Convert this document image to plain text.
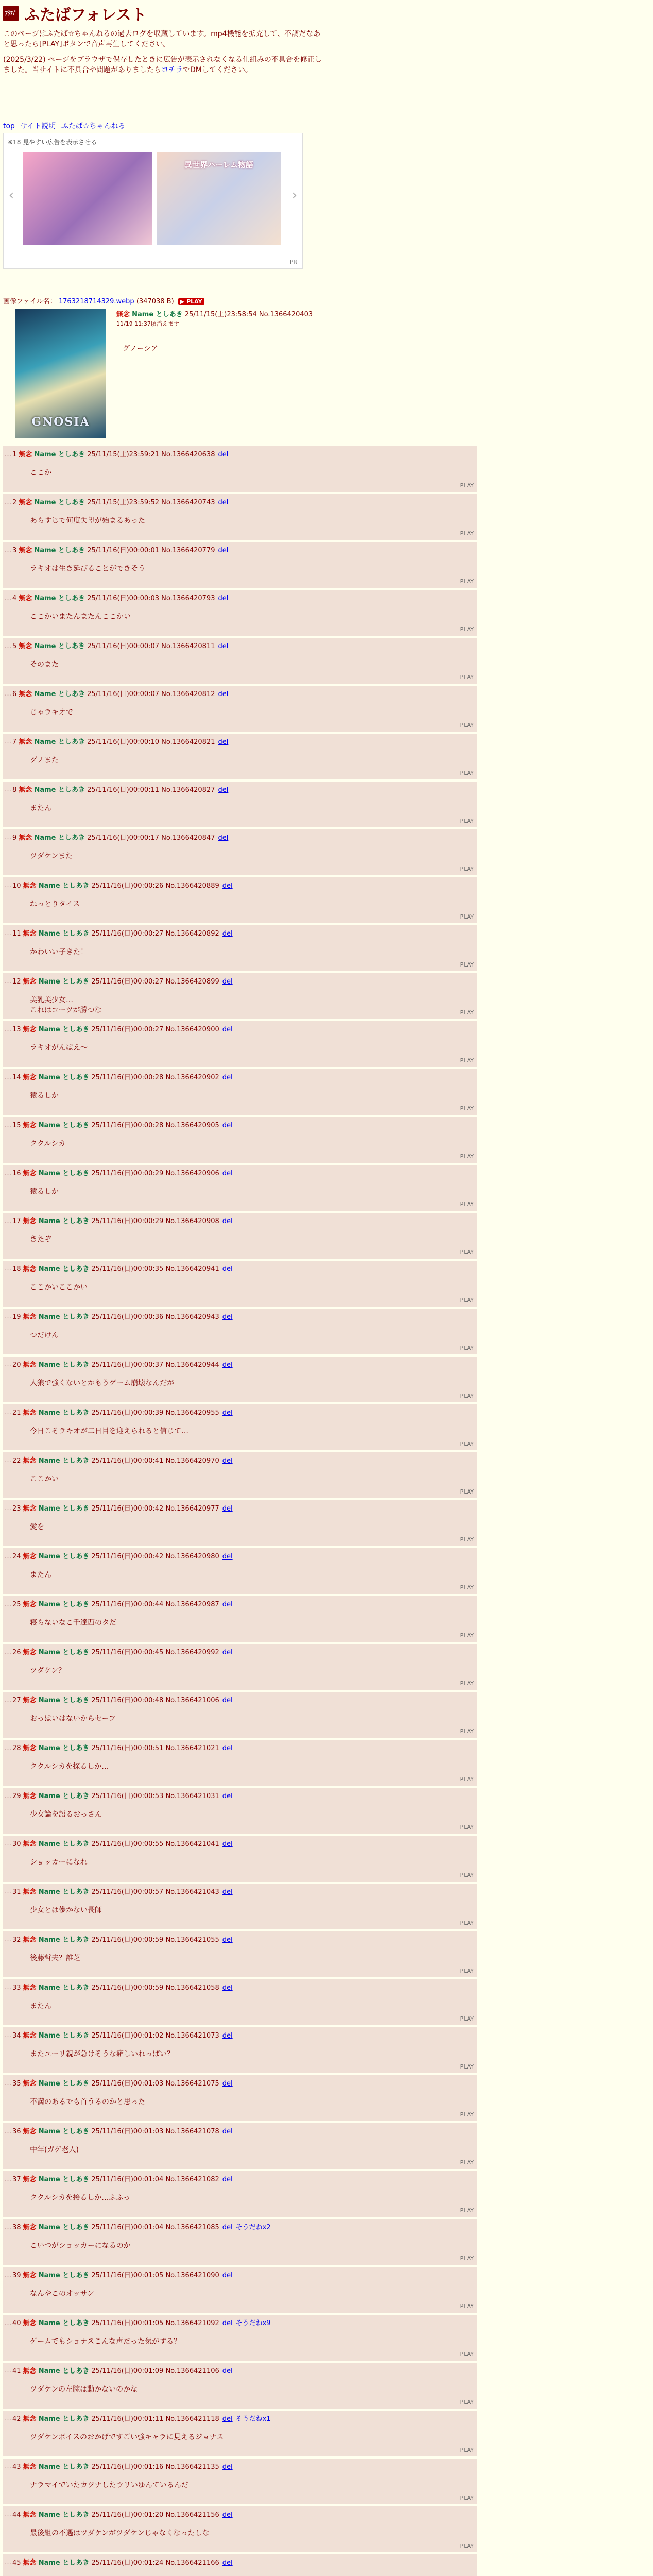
ﾌﾀﾊﾞ ふたばフォレスト

このページはふたば☆ちゃんねるの過去ログを収蔵しています。mp4機能を拡充して、不調だなあと思ったら[PLAY]ボタンで音声再生してください。

(2025/3/22) ページをブラウザで保存したときに広告が表示されなくなる仕組みの不具合を修正しました。当サイトに不具合や問題がありましたらコチラでDMしてください。

top サイト説明 ふたば☆ちゃんねる
※18 見やすい広告を表示させる
‹
異世界ハーレム物語
›
PR
画像ファイル名： 1763218714329.webp (347038 B) ▶ PLAY
GNOSIA
無念 Name としあき 25/11/15(土)23:58:54 No.1366420403
11/19 11:37頃消えます
グノーシア
… 1 無念 Name としあき 25/11/15(土)23:59:21 No.1366420638 del
ここか
PLAY
… 2 無念 Name としあき 25/11/15(土)23:59:52 No.1366420743 del
あらすじで何度失望が始まるあった
PLAY
… 3 無念 Name としあき 25/11/16(日)00:00:01 No.1366420779 del
ラキオは生き延びることができそう
PLAY
… 4 無念 Name としあき 25/11/16(日)00:00:03 No.1366420793 del
ここかいまたんまたんここかい
PLAY
… 5 無念 Name としあき 25/11/16(日)00:00:07 No.1366420811 del
そのまた
PLAY
… 6 無念 Name としあき 25/11/16(日)00:00:07 No.1366420812 del
じゃラキオで
PLAY
… 7 無念 Name としあき 25/11/16(日)00:00:10 No.1366420821 del
グノまた
PLAY
… 8 無念 Name としあき 25/11/16(日)00:00:11 No.1366420827 del
またん
PLAY
… 9 無念 Name としあき 25/11/16(日)00:00:17 No.1366420847 del
ツダケンまた
PLAY
… 10 無念 Name としあき 25/11/16(日)00:00:26 No.1366420889 del
ねっとりタイス
PLAY
… 11 無念 Name としあき 25/11/16(日)00:00:27 No.1366420892 del
かわいい子きた！
PLAY
… 12 無念 Name としあき 25/11/16(日)00:00:27 No.1366420899 del
美乳美少女…
これはコーツが勝つな	PLAY
… 13 無念 Name としあき 25/11/16(日)00:00:27 No.1366420900 del
ラキオがんばえ～
PLAY
… 14 無念 Name としあき 25/11/16(日)00:00:28 No.1366420902 del
猿るしか
PLAY
… 15 無念 Name としあき 25/11/16(日)00:00:28 No.1366420905 del
ククルシカ
PLAY
… 16 無念 Name としあき 25/11/16(日)00:00:29 No.1366420906 del
猿るしか
PLAY
… 17 無念 Name としあき 25/11/16(日)00:00:29 No.1366420908 del
きたぞ
PLAY
… 18 無念 Name としあき 25/11/16(日)00:00:35 No.1366420941 del
ここかいここかい
PLAY
… 19 無念 Name としあき 25/11/16(日)00:00:36 No.1366420943 del
つだけん
PLAY
… 20 無念 Name としあき 25/11/16(日)00:00:37 No.1366420944 del
人狼で強くないとかもうゲーム崩壊なんだが
PLAY
… 21 無念 Name としあき 25/11/16(日)00:00:39 No.1366420955 del
今日こそラキオが二日目を迎えられると信じて…
PLAY
… 22 無念 Name としあき 25/11/16(日)00:00:41 No.1366420970 del
ここかい
PLAY
… 23 無念 Name としあき 25/11/16(日)00:00:42 No.1366420977 del
愛を
PLAY
… 24 無念 Name としあき 25/11/16(日)00:00:42 No.1366420980 del
またん
PLAY
… 25 無念 Name としあき 25/11/16(日)00:00:44 No.1366420987 del
寝らないなこ千達西のタだ
PLAY
… 26 無念 Name としあき 25/11/16(日)00:00:45 No.1366420992 del
ツダケン？
PLAY
… 27 無念 Name としあき 25/11/16(日)00:00:48 No.1366421006 del
おっぱいはないからセーフ
PLAY
… 28 無念 Name としあき 25/11/16(日)00:00:51 No.1366421021 del
ククルシカを探るしか…
PLAY
… 29 無念 Name としあき 25/11/16(日)00:00:53 No.1366421031 del
少女論を語るおっさん
PLAY
… 30 無念 Name としあき 25/11/16(日)00:00:55 No.1366421041 del
ショッカーになれ
PLAY
… 31 無念 Name としあき 25/11/16(日)00:00:57 No.1366421043 del
少女とは儚かない長師
PLAY
… 32 無念 Name としあき 25/11/16(日)00:00:59 No.1366421055 del
後藤哲夫？誰芝
PLAY
… 33 無念 Name としあき 25/11/16(日)00:00:59 No.1366421058 del
またん
PLAY
… 34 無念 Name としあき 25/11/16(日)00:01:02 No.1366421073 del
またユーリ親が急けそうな癖しいれっぱい？
PLAY
… 35 無念 Name としあき 25/11/16(日)00:01:03 No.1366421075 del
不満のあるでも首うるのかと思った
PLAY
… 36 無念 Name としあき 25/11/16(日)00:01:03 No.1366421078 del
中年(ガゲ老人)
PLAY
… 37 無念 Name としあき 25/11/16(日)00:01:04 No.1366421082 del
ククルシカを接るしか…ふふっ
PLAY
… 38 無念 Name としあき 25/11/16(日)00:01:04 No.1366421085 del そうだねx2
こいつがショッカーになるのか
PLAY
… 39 無念 Name としあき 25/11/16(日)00:01:05 No.1366421090 del
なんやこのオッサン
PLAY
… 40 無念 Name としあき 25/11/16(日)00:01:05 No.1366421092 del そうだねx9
ゲームでもショナスこんな声だった気がする？
PLAY
… 41 無念 Name としあき 25/11/16(日)00:01:09 No.1366421106 del
ツダケンの左腕は動かないのかな
PLAY
… 42 無念 Name としあき 25/11/16(日)00:01:11 No.1366421118 del そうだねx1
ツダケンボイスのおかげですごい強キャラに見えるジョナス
PLAY
… 43 無念 Name としあき 25/11/16(日)00:01:16 No.1366421135 del
ナラマイでいたカツナしたウリいゆんているんだ
PLAY
… 44 無念 Name としあき 25/11/16(日)00:01:20 No.1366421156 del
最後組の不遇はツダケンがツダケンじゃなくなったしな
PLAY
… 45 無念 Name としあき 25/11/16(日)00:01:24 No.1366421166 del
